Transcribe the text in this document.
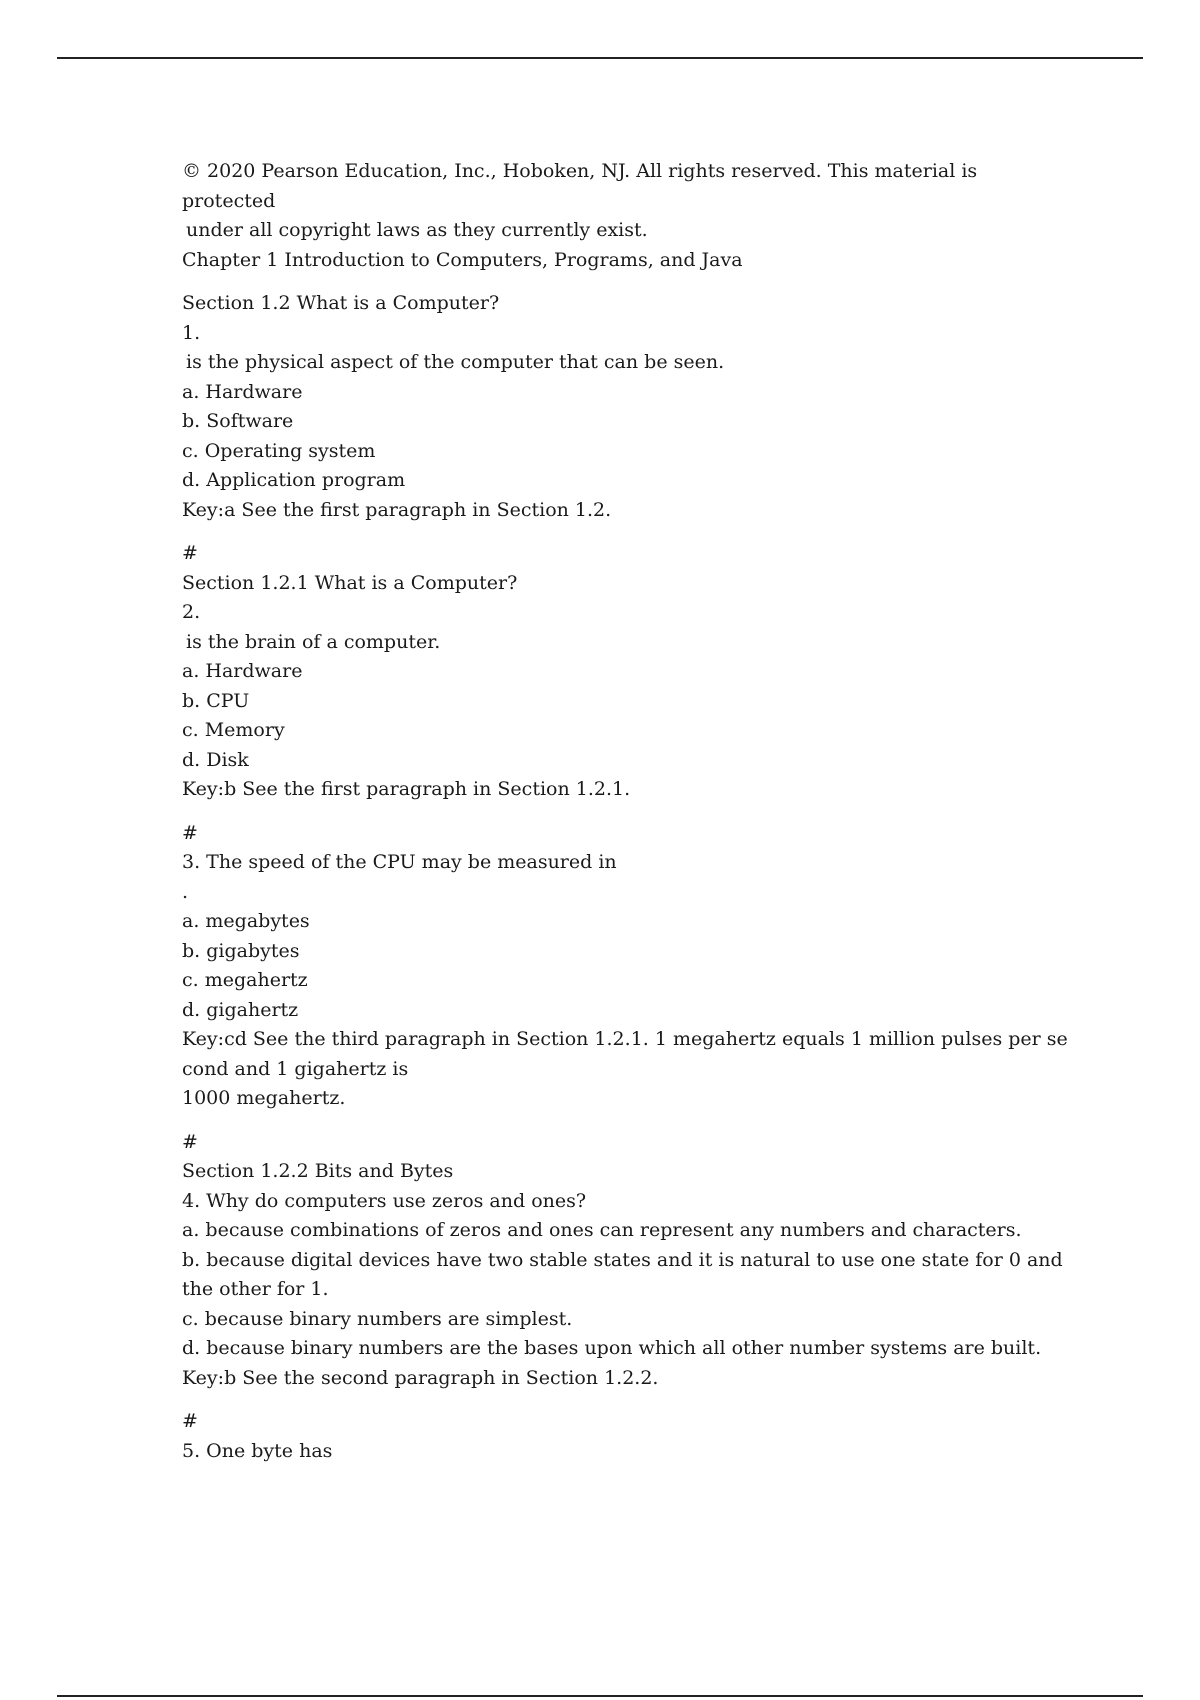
© 2020 Pearson Education, Inc., Hoboken, NJ. All rights reserved. This material is protected
under all copyright laws as they currently exist.
Chapter 1 Introduction to Computers, Programs, and Java
Section 1.2 What is a Computer?
1.
is the physical aspect of the computer that can be seen.
a. Hardware
b. Software
c. Operating system
d. Application program
Key:a See the first paragraph in Section 1.2.
#
Section 1.2.1 What is a Computer?
2.
is the brain of a computer.
a. Hardware
b. CPU
c. Memory
d. Disk
Key:b See the first paragraph in Section 1.2.1.
#
3. The speed of the CPU may be measured in
.
a. megabytes
b. gigabytes
c. megahertz
d. gigahertz
Key:cd See the third paragraph in Section 1.2.1. 1 megahertz equals 1 million pulses per se
cond and 1 gigahertz is
1000 megahertz.
#
Section 1.2.2 Bits and Bytes
4. Why do computers use zeros and ones?
a. because combinations of zeros and ones can represent any numbers and characters.
b. because digital devices have two stable states and it is natural to use one state for 0 and
the other for 1.
c. because binary numbers are simplest.
d. because binary numbers are the bases upon which all other number systems are built.
Key:b See the second paragraph in Section 1.2.2.
#
5. One byte has
